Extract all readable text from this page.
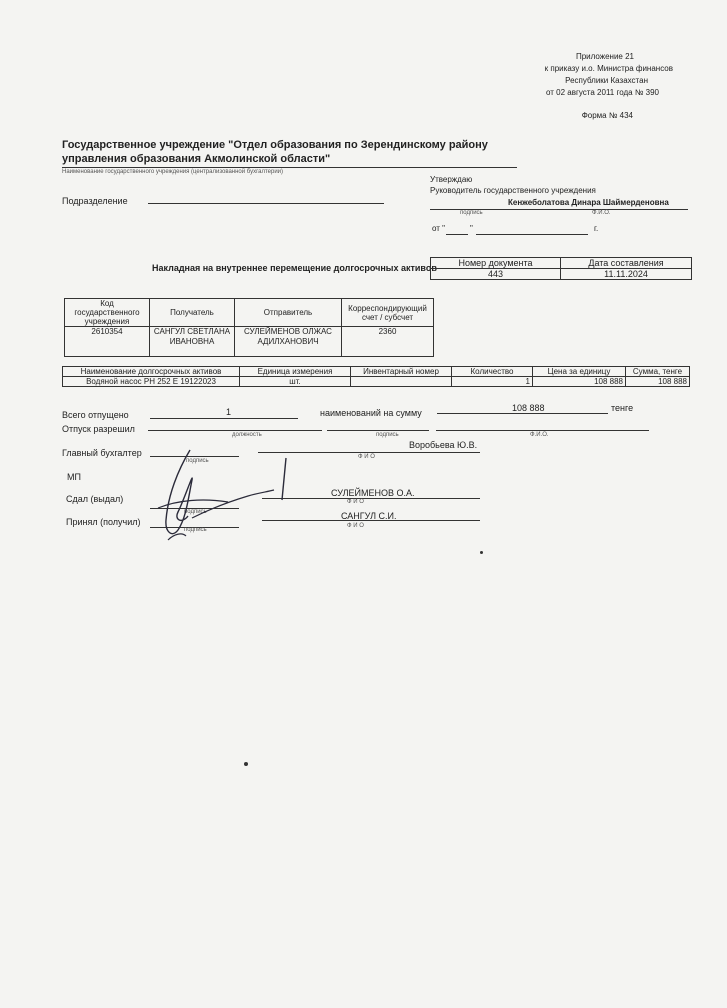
Приложение 21
к приказу и.о. Министра финансов
Республики Казахстан
от 02 августа 2011 года № 390
Форма № 434
Государственное учреждение "Отдел образования по Зерендинскому району
управления образования Акмолинской области"
Наименование государственного учреждения (централизованной бухгалтерии)
Утверждаю
Руководитель государственного учреждения
Кенжеболатова Динара Шаймерденовна
подпись	Ф.И.О.
от "	"	г.
Подразделение
Накладная на внутреннее перемещение долгосрочных активов Номер документа	Дата составления
443	11.11.2024
Код государственного учреждения	Получатель	Отправитель	Корреспондирующий счет / субсчет
2610354	САНГУЛ СВЕТЛАНА ИВАНОВНА	СУЛЕЙМЕНОВ ОЛЖАС АДИЛХАНОВИЧ	2360
Наименование долгосрочных активов	Единица измерения	Инвентарный номер	Количество	Цена за единицу	Сумма, тенге
Водяной насос PH 252 E 19122023	шт.		1	108 888	108 888
Всего отпущено	1	наименований на сумму	108 888	тенге
Отпуск разрешил
должность	подпись	Ф.И.О.
Главный бухгалтер
Воробьева Ю.В.
подпись
Ф И О
МП
Сдал (выдал)
СУЛЕЙМЕНОВ О.А.
подпись
Ф И О
Принял (получил)
САНГУЛ С.И.
подпись
Ф И О
